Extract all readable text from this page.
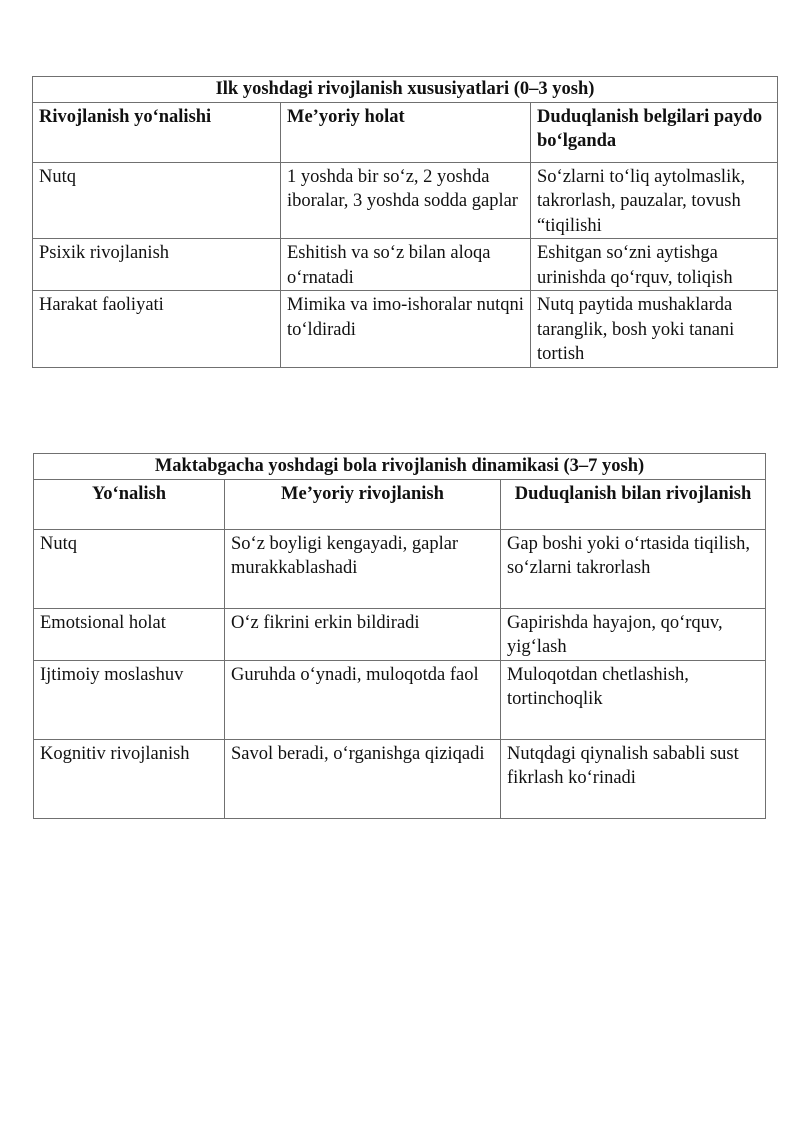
Ilk yoshdagi rivojlanish xususiyatlari (0–3 yosh)		
Rivojlanish yo‘nalishi	Me’yoriy holat	Duduqlanish belgilari paydo bo‘lganda
Nutq	1 yoshda bir so‘z, 2 yoshda iboralar, 3 yoshda sodda gaplar	So‘zlarni to‘liq aytolmaslik, takrorlash, pauzalar, tovush “tiqilishi
Psixik rivojlanish	Eshitish va so‘z bilan aloqa o‘rnatadi	Eshitgan so‘zni aytishga urinishda qo‘rquv, toliqish
Harakat faoliyati	Mimika va imo-ishoralar nutqni to‘ldiradi	Nutq paytida mushaklarda taranglik, bosh yoki tanani tortish
Maktabgacha yoshdagi bola rivojlanish dinamikasi (3–7 yosh)		
Yo‘nalish	Me’yoriy rivojlanish	Duduqlanish bilan rivojlanish
Nutq	So‘z boyligi kengayadi, gaplar murakkablashadi	Gap boshi yoki o‘rtasida tiqilish, so‘zlarni takrorlash
Emotsional holat	O‘z fikrini erkin bildiradi	Gapirishda hayajon, qo‘rquv, yig‘lash
Ijtimoiy moslashuv	Guruhda o‘ynadi, muloqotda faol	Muloqotdan chetlashish, tortinchoqlik
Kognitiv rivojlanish	Savol beradi, o‘rganishga qiziqadi	Nutqdagi qiynalish sababli sust fikrlash ko‘rinadi
